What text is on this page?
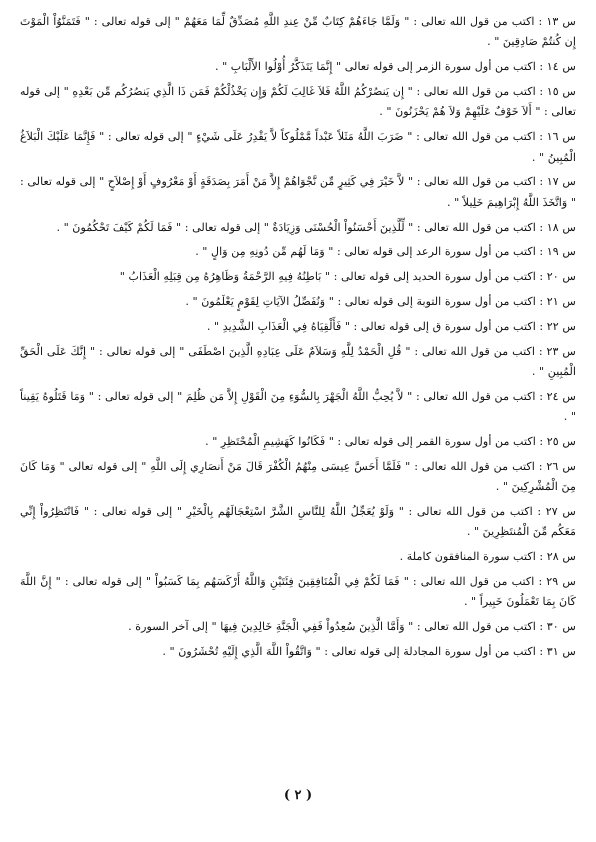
س ١٣ : اكتب من قول الله تعالى : " وَلَمَّا جَاءَهُمْ كِتَابٌ مِّنْ عِندِ اللَّهِ مُصَدِّقٌ لِّمَا مَعَهُمْ " إلى قوله تعالى : " فَتَمَنَّوُاْ الْمَوْتَ إِن كُنتُمْ صَادِقِينَ " .

س ١٤ : اكتب من أول سورة الزمر إلى قوله تعالى " إِنَّمَا يَتَذَكَّرُ أُوْلُوا الأَلْبَابِ " .

س ١٥ : اكتب من قول الله تعالى : " إِن يَنصُرْكُمُ اللَّهُ فَلاَ غَالِبَ لَكُمْ وَإِن يَخْذُلْكُمْ فَمَن ذَا الَّذِي يَنصُرُكُم مِّن بَعْدِهِ " إلى قوله تعالى : " أَلاَ خَوْفٌ عَلَيْهِمْ وَلاَ هُمْ يَحْزَنُونَ " .

س ١٦ : اكتب من قول الله تعالى : " ضَرَبَ اللَّهُ مَثَلاً عَبْداً مَّمْلُوكاً لاَّ يَقْدِرُ عَلَى شَيْءٍ " إلى قوله تعالى : " فَإِنَّمَا عَلَيْكَ الْبَلاَغُ الْمُبِينُ " .

س ١٧ : اكتب من قول الله تعالى : " لاَّ خَيْرَ فِي كَثِيرٍ مِّن نَّجْوَاهُمْ إِلاَّ مَنْ أَمَرَ بِصَدَقَةٍ أَوْ مَعْرُوفٍ أَوْ إِصْلاَحٍ " إلى قوله تعالى : " وَاتَّخَذَ اللَّهُ إِبْرَاهِيمَ خَلِيلاً " .

س ١٨ : اكتب من قول الله تعالى : " لِّلَّذِينَ أَحْسَنُواْ الْحُسْنَى وَزِيَادَةٌ " إلى قوله تعالى : " فَمَا لَكُمْ كَيْفَ تَحْكُمُونَ " .

س ١٩ : اكتب من أول سورة الرعد إلى قوله تعالى : " وَمَا لَهُم مِّن دُونِهِ مِن وَالٍ " .

س ٢٠ : اكتب من أول سورة الحديد إلى قوله تعالى : " بَاطِنُهُ فِيهِ الرَّحْمَةُ وَظَاهِرُهُ مِن قِبَلِهِ الْعَذَابُ "

س ٢١ : اكتب من أول سورة التوبة إلى قوله تعالى : " وَنُفَصِّلُ الآيَاتِ لِقَوْمٍ يَعْلَمُونَ " .

س ٢٢ : اكتب من أول سورة ق إلى قوله تعالى : " فَأَلْقِيَاهُ فِي الْعَذَابِ الشَّدِيدِ " .

س ٢٣ : اكتب من قول الله تعالى : " قُلِ الْحَمْدُ لِلَّهِ وَسَلاَمٌ عَلَى عِبَادِهِ الَّذِينَ اصْطَفَى " إلى قوله تعالى : " إِنَّكَ عَلَى الْحَقِّ الْمُبِينِ " .

س ٢٤ : اكتب من قول الله تعالى : " لاَّ يُحِبُّ اللَّهُ الْجَهْرَ بِالسُّوَءِ مِنَ الْقَوْلِ إِلاَّ مَن ظُلِمَ " إلى قوله تعالى : " وَمَا قَتَلُوهُ يَقِيناً " .

س ٢٥ : اكتب من أول سورة القمر إلى قوله تعالى : " فَكَانُوا كَهَشِيمِ الْمُحْتَظِرِ " .

س ٢٦ : اكتب من قول الله تعالى : " فَلَمَّا أَحَسَّ عِيسَى مِنْهُمُ الْكُفْرَ قَالَ مَنْ أَنصَارِي إِلَى اللَّهِ " إلى قوله تعالى " وَمَا كَانَ مِنَ الْمُشْرِكِينَ " .

س ٢٧ : اكتب من قول الله تعالى : " وَلَوْ يُعَجِّلُ اللَّهُ لِلنَّاسِ الشَّرَّ اسْتِعْجَالَهُم بِالْخَيْرِ " إلى قوله تعالى : " فَانْتَظِرُواْ إِنِّي مَعَكُم مِّنَ الْمُنتَظِرِينَ " .

س ٢٨ : اكتب سورة المنافقون كاملة .

س ٢٩ : اكتب من قول الله تعالى : " فَمَا لَكُمْ فِي الْمُنَافِقِينَ فِئَتَيْنِ وَاللَّهُ أَرْكَسَهُم بِمَا كَسَبُواْ " إلى قوله تعالى : " إِنَّ اللَّهَ كَانَ بِمَا تَعْمَلُونَ خَبِيراً " .

س ٣٠ : اكتب من قول الله تعالى : " وَأَمَّا الَّذِينَ سُعِدُواْ فَفِي الْجَنَّةِ خَالِدِينَ فِيهَا " إلى آخر السورة .

س ٣١ : اكتب من أول سورة المجادلة إلى قوله تعالى : " وَاتَّقُواْ اللَّهَ الَّذِي إِلَيْهِ تُحْشَرُونَ " .

( ٢ )
